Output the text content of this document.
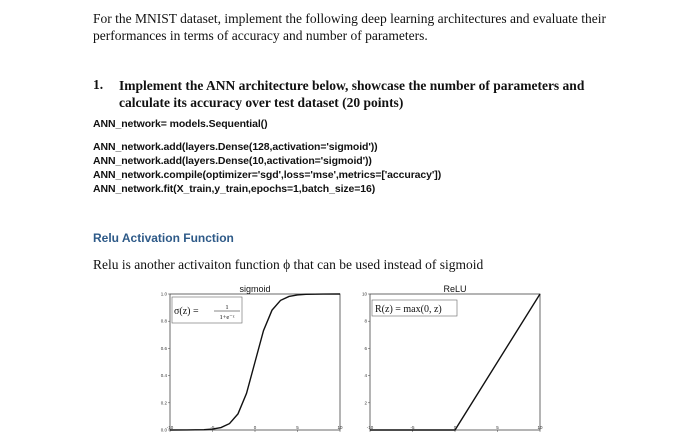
For the MNIST dataset, implement the following deep learning architectures and evaluate their performances in terms of accuracy and number of parameters.

1. Implement the ANN architecture below, showcase the number of parameters and calculate its accuracy over test dataset (20 points)

ANN_network= models.Sequential()

ANN_network.add(layers.Dense(128,activation='sigmoid'))

ANN_network.add(layers.Dense(10,activation='sigmoid'))

ANN_network.compile(optimizer='sgd',loss='mse',metrics=['accuracy'])

ANN_network.fit(X_train,y_train,epochs=1,batch_size=16)

Relu Activation Function

Relu is another activaiton function ϕ that can be used instead of sigmoid

sigmoid
0.0
0.2
0.4
0.6
0.8
1.0
-10	-5	0	5	10
σ(z) =	1
1+e⁻ᶻ
ReLU
2
4
6
8
10
-10	-5	0	5	10
R(z) = max(0, z)
